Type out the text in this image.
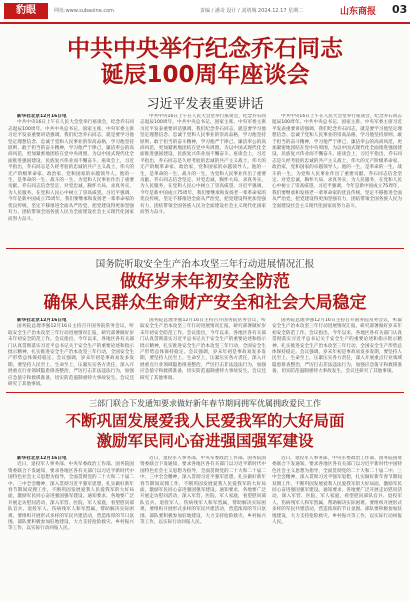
豹眼	网址:www.subaoine.com	责编 / 潘奇 设计 / 刘靖城 2024.12.17 星期二	山东商报 03
中共中央举行纪念乔石同志
诞辰100周年座谈会
习近平发表重要讲话

新华社北京12月16日电

中共中央16日上午在人民大会堂举行座谈会，纪念乔石同志诞辰100周年。中共中央总书记、国家主席、中央军委主席习近平发表重要讲话强调，我们纪念乔石同志，就是要学习他坚定理想信念、忠诚于党和人民事业的崇高品格，学习他坚持原则、敢于担当的奋斗精神，学习他严于律己、廉洁奉公的高尚风范，更加紧密地团结在党中央周围，为以中国式现代化全面推进强国建设、民族复兴伟业而不懈奋斗。座谈会上，习近平指出，乔石同志是久经考验的忠诚的共产主义战士，伟大的无产阶级革命家、政治家，党和国家的卓越领导人。他的一生，是革命的一生、战斗的一生，为党和人民事业作出了重要贡献。乔石同志信念坚定、对党忠诚，胸怀大局、求真务实，为人民服务，在党和人民心中树立了崇高威望。习近平强调，今年是新中国成立75周年，我们要继承和发扬老一辈革命家的优良传统，坚定不移推进全面从严治党，把党建设得更加坚强有力，团结带领全国各族人民为全面建设社会主义现代化国家而努力奋斗。

中共中央16日上午在人民大会堂举行座谈会，纪念乔石同志诞辰100周年。中共中央总书记、国家主席、中央军委主席习近平发表重要讲话强调，我们纪念乔石同志，就是要学习他坚定理想信念、忠诚于党和人民事业的崇高品格，学习他坚持原则、敢于担当的奋斗精神，学习他严于律己、廉洁奉公的高尚风范，更加紧密地团结在党中央周围，为以中国式现代化全面推进强国建设、民族复兴伟业而不懈奋斗。座谈会上，习近平指出，乔石同志是久经考验的忠诚的共产主义战士，伟大的无产阶级革命家、政治家，党和国家的卓越领导人。他的一生，是革命的一生、战斗的一生，为党和人民事业作出了重要贡献。乔石同志信念坚定、对党忠诚，胸怀大局、求真务实，为人民服务，在党和人民心中树立了崇高威望。习近平强调，今年是新中国成立75周年，我们要继承和发扬老一辈革命家的优良传统，坚定不移推进全面从严治党，把党建设得更加坚强有力，团结带领全国各族人民为全面建设社会主义现代化国家而努力奋斗。

中共中央16日上午在人民大会堂举行座谈会，纪念乔石同志诞辰100周年。中共中央总书记、国家主席、中央军委主席习近平发表重要讲话强调，我们纪念乔石同志，就是要学习他坚定理想信念、忠诚于党和人民事业的崇高品格，学习他坚持原则、敢于担当的奋斗精神，学习他严于律己、廉洁奉公的高尚风范，更加紧密地团结在党中央周围，为以中国式现代化全面推进强国建设、民族复兴伟业而不懈奋斗。座谈会上，习近平指出，乔石同志是久经考验的忠诚的共产主义战士，伟大的无产阶级革命家、政治家，党和国家的卓越领导人。他的一生，是革命的一生、战斗的一生，为党和人民事业作出了重要贡献。乔石同志信念坚定、对党忠诚，胸怀大局、求真务实，为人民服务，在党和人民心中树立了崇高威望。习近平强调，今年是新中国成立75周年，我们要继承和发扬老一辈革命家的优良传统，坚定不移推进全面从严治党，把党建设得更加坚强有力，团结带领全国各族人民为全面建设社会主义现代化国家而努力奋斗。

国务院听取安全生产治本攻坚三年行动进展情况汇报
做好岁末年初安全防范
确保人民群众生命财产安全和社会大局稳定

新华社北京12月16日电

国务院总理李强12月16日主持召开国务院常务会议，听取安全生产治本攻坚三年行动进展情况汇报，研究部署做好岁末年初安全防范工作。会议指出，今年以来，各地区各有关部门认真贯彻落实习近平总书记关于安全生产的重要论述和指示批示精神，扎实推进安全生产治本攻坚三年行动，全国安全生产形势总体保持稳定。会议强调，岁末年初是事故易发多发期，要坚持人民至上、生命至上，压紧压实各方责任，深入开展重点行业领域隐患排查整治，严厉打击非法违法行为，加强应急值守和救援准备，切实防范遏制重特大事故发生。会议还研究了其他事项。

国务院总理李强12月16日主持召开国务院常务会议，听取安全生产治本攻坚三年行动进展情况汇报，研究部署做好岁末年初安全防范工作。会议指出，今年以来，各地区各有关部门认真贯彻落实习近平总书记关于安全生产的重要论述和指示批示精神，扎实推进安全生产治本攻坚三年行动，全国安全生产形势总体保持稳定。会议强调，岁末年初是事故易发多发期，要坚持人民至上、生命至上，压紧压实各方责任，深入开展重点行业领域隐患排查整治，严厉打击非法违法行为，加强应急值守和救援准备，切实防范遏制重特大事故发生。会议还研究了其他事项。

国务院总理李强12月16日主持召开国务院常务会议，听取安全生产治本攻坚三年行动进展情况汇报，研究部署做好岁末年初安全防范工作。会议指出，今年以来，各地区各有关部门认真贯彻落实习近平总书记关于安全生产的重要论述和指示批示精神，扎实推进安全生产治本攻坚三年行动，全国安全生产形势总体保持稳定。会议强调，岁末年初是事故易发多发期，要坚持人民至上、生命至上，压紧压实各方责任，深入开展重点行业领域隐患排查整治，严厉打击非法违法行为，加强应急值守和救援准备，切实防范遏制重特大事故发生。会议还研究了其他事项。

三部门联合下发通知要求做好新年春节期间拥军优属拥政爱民工作
不断巩固发展爱我人民爱我军的大好局面
激励军民同心奋进强国强军建设

新华社北京12月16日电

近日，退役军人事务部、中央军委政治工作部、国务院国资委联合下发通知，要求各地区各有关部门以习近平新时代中国特色社会主义思想为指导，全面贯彻党的二十大和二十届二中、三中全会精神，深入贯彻习近平强军思想，扎实做好新年春节期间双拥工作，不断巩固发展爱我人民爱我军的大好局面，激励军民同心奋进强国强军建设。通知要求，各地要广泛开展走访慰问活动，深入军营、医院、军人家庭，看望慰问部队官兵、退役军人、伤病残军人和军烈属，帮助解决实际困难。要组织开展形式多样的军民共建活动，营造浓厚的节日氛围。部队要积极参加驻地建设，大力支持抢险救灾、乡村振兴等工作，以实际行动回报人民。

近日，退役军人事务部、中央军委政治工作部、国务院国资委联合下发通知，要求各地区各有关部门以习近平新时代中国特色社会主义思想为指导，全面贯彻党的二十大和二十届二中、三中全会精神，深入贯彻习近平强军思想，扎实做好新年春节期间双拥工作，不断巩固发展爱我人民爱我军的大好局面，激励军民同心奋进强国强军建设。通知要求，各地要广泛开展走访慰问活动，深入军营、医院、军人家庭，看望慰问部队官兵、退役军人、伤病残军人和军烈属，帮助解决实际困难。要组织开展形式多样的军民共建活动，营造浓厚的节日氛围。部队要积极参加驻地建设，大力支持抢险救灾、乡村振兴等工作，以实际行动回报人民。

近日，退役军人事务部、中央军委政治工作部、国务院国资委联合下发通知，要求各地区各有关部门以习近平新时代中国特色社会主义思想为指导，全面贯彻党的二十大和二十届二中、三中全会精神，深入贯彻习近平强军思想，扎实做好新年春节期间双拥工作，不断巩固发展爱我人民爱我军的大好局面，激励军民同心奋进强国强军建设。通知要求，各地要广泛开展走访慰问活动，深入军营、医院、军人家庭，看望慰问部队官兵、退役军人、伤病残军人和军烈属，帮助解决实际困难。要组织开展形式多样的军民共建活动，营造浓厚的节日氛围。部队要积极参加驻地建设，大力支持抢险救灾、乡村振兴等工作，以实际行动回报人民。
